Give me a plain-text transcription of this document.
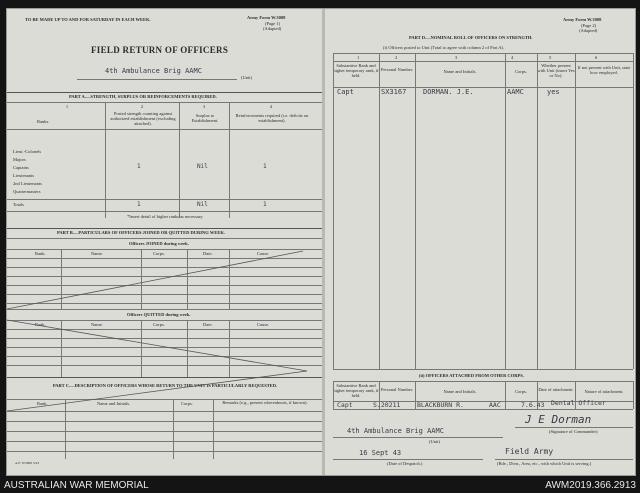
TO BE MADE UP TO AND FOR SATURDAY IN EACH WEEK.	Army Form W.3008
(Page 1)
(Adapted)
FIELD RETURN OF OFFICERS
4th Ambulance Brig AAMC
(Unit)
PART A.—STRENGTH, SURPLUS OR REINFORCEMENTS REQUIRED.
1	2	3	4
Ranks.
Posted strength counting against authorized establishment (excluding attached).
Surplus to Establishment.
Reinforcements required (i.e. deficits on establishment).
Lieut.-Colonels
Majors
Captains
Lieutenants
2nd Lieutenants
Quartermasters
1	Nil	1
Totals	1	Nil	1
*Insert detail of higher ranks as necessary.
PART B.—PARTICULARS OF OFFICERS JOINED OR QUITTED DURING WEEK.
Officers JOINED during week.
Rank.	Name.	Corps.	Date.	Cause.
Officers QUITTED during week.
Rank.	Name.	Corps.	Date.	Cause.
PART C.—DESCRIPTION OF OFFICERS WHOSE RETURN TO THE UNIT IS PARTICULARLY REQUESTED.
Rank.	Name and Initials.	Corps.	Remarks (e.g., present whereabouts, if known).
A.F. W3008 5/43
Army Form W.3008
(Page 2)
(Adapted)
PART D.—NOMINAL ROLL OF OFFICERS ON STRENGTH.
(i) Officers posted to Unit (Total to agree with column 2 of Part A).
1	2	3	4	5	6
Substantive Rank and higher temporary rank, if held.
Personal Number.	Name and Initials.	Corps.
Whether present with Unit (insert Yes or No).
If not present with Unit, state how employed.
Capt	SX3167 DORMAN. J.E.	AAMC	yes
(ii) OFFICERS ATTACHED FROM OTHER CORPS.
Substantive Rank and higher temporary rank, if held.
Personal Number.	Name and Initials.	Corps.	Date of attachment.	Nature of attachment.
Capt	S.20211	BLACKBURN R.	AAC	7.6.43 Dental Officer
4th Ambulance Brig AAMC
(Unit)
J E Dorman
(Signature of Commander)
16 Sept 43
(Date of Despatch.)
Field Army
(Bde., Divn., Area, etc., with which Unit is serving.)
AUSTRALIAN WAR MEMORIAL	AWM2019.366.2913
